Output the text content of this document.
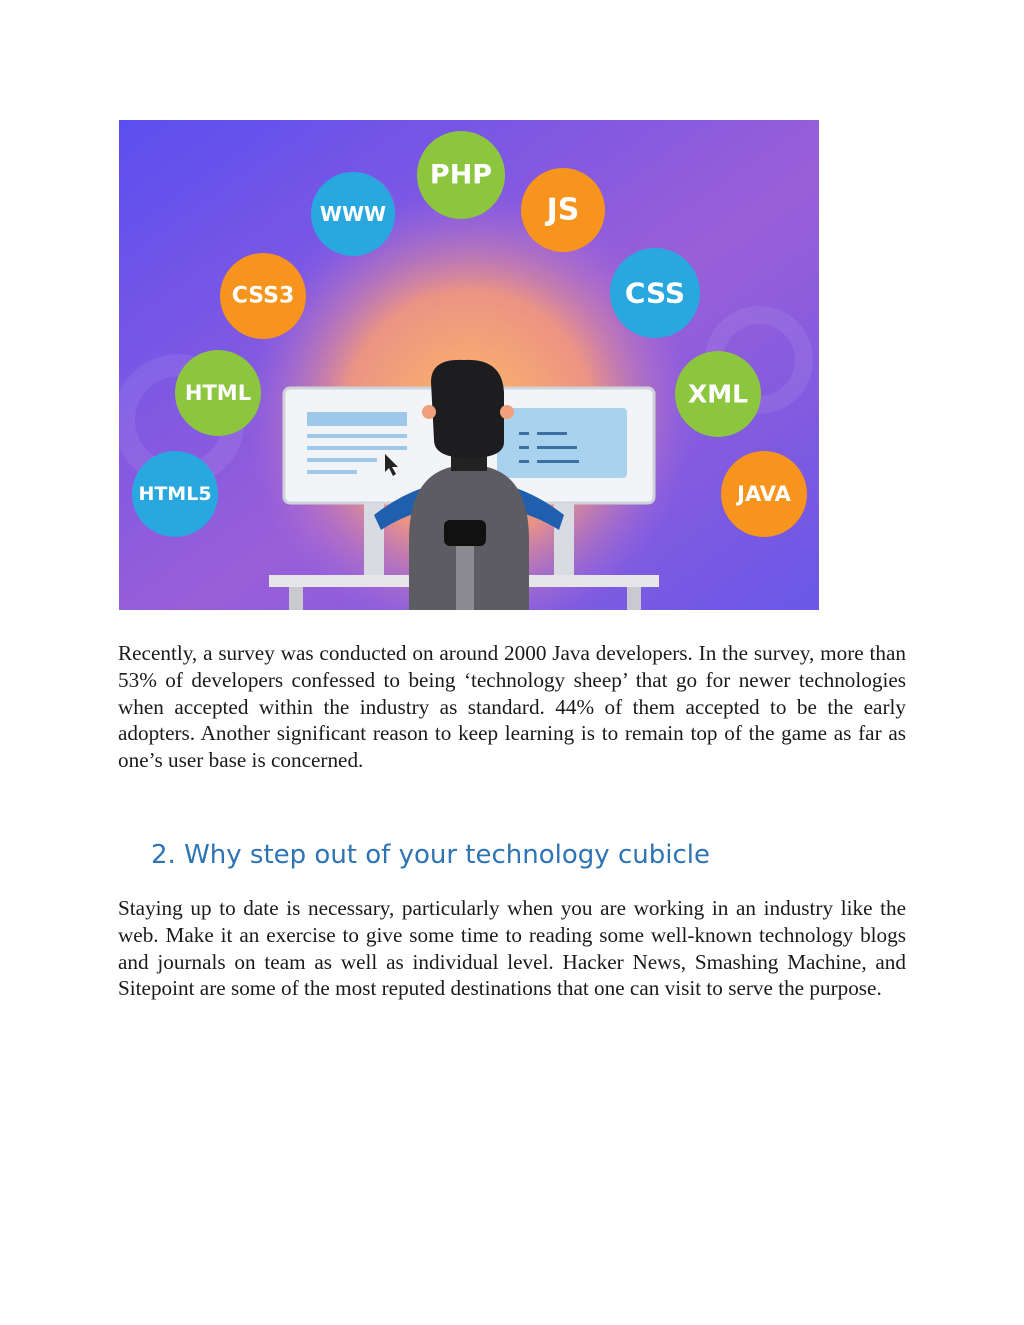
PHP
WWW	JS
CSS3	CSS
HTML	XML
HTML5	JAVA

Recently, a survey was conducted on around 2000 Java developers. In the survey, more than 53% of developers confessed to being ‘technology sheep’ that go for newer technologies when accepted within the industry as standard. 44% of them accepted to be the early adopters. Another significant reason to keep learning is to remain top of the game as far as one’s user base is concerned.

2. Why step out of your technology cubicle

Staying up to date is necessary, particularly when you are working in an industry like the web. Make it an exercise to give some time to reading some well-known technology blogs and journals on team as well as individual level. Hacker News, Smashing Machine, and Sitepoint are some of the most reputed destinations that one can visit to serve the purpose.
